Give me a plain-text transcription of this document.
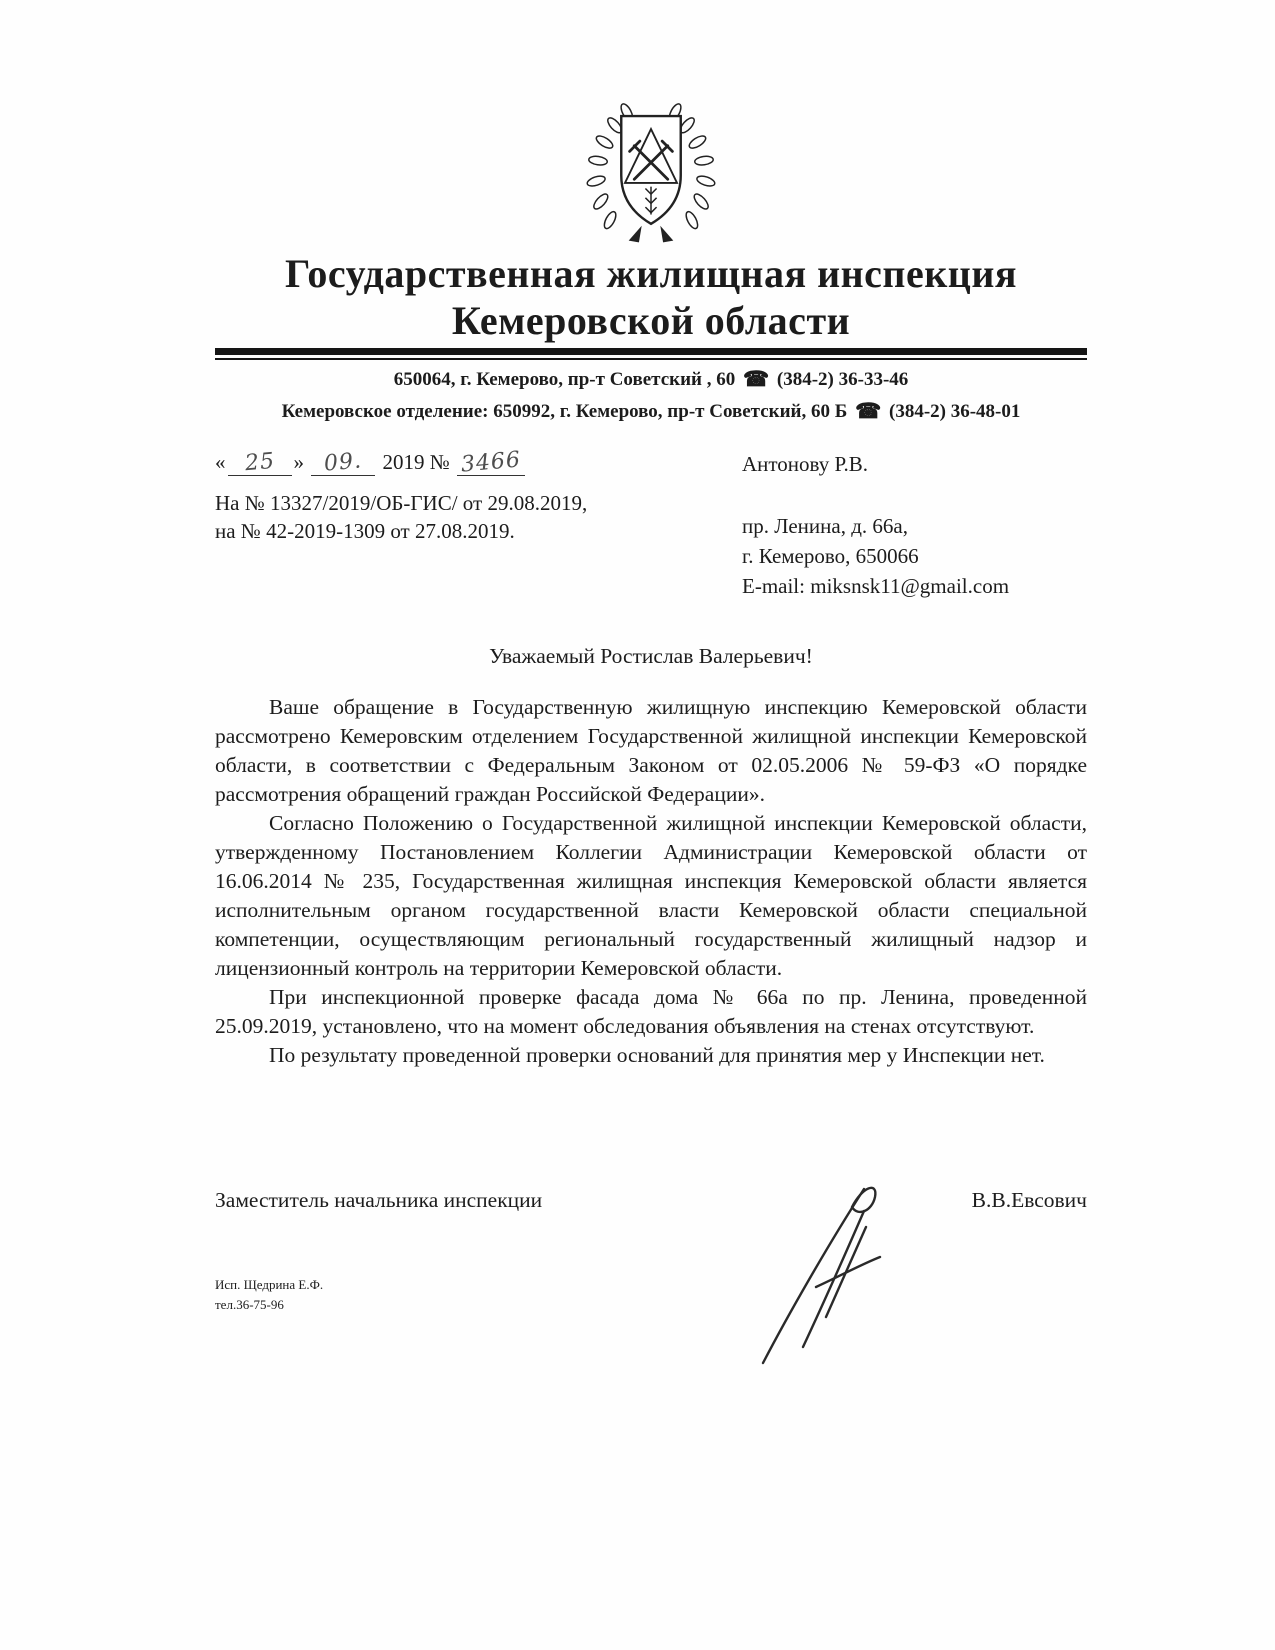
Государственная жилищная инспекция
Кемеровской области
650064, г. Кемерово, пр-т Советский , 60 ☎ (384-2) 36-33-46
Кемеровское отделение: 650992, г. Кемерово, пр-т Советский, 60 Б ☎ (384-2) 36-48-01
« 25 » 09. 2019 № 3466
На № 13327/2019/ОБ-ГИС/ от 29.08.2019,
на № 42-2019-1309 от 27.08.2019.
Антонову Р.В.
пр. Ленина, д. 66а,
г. Кемерово, 650066
E-mail: miksnsk11@gmail.com
Уважаемый Ростислав Валерьевич!

Ваше обращение в Государственную жилищную инспекцию Кемеровской области рассмотрено Кемеровским отделением Государственной жилищной инспекции Кемеровской области, в соответствии с Федеральным Законом от 02.05.2006 № 59-ФЗ «О порядке рассмотрения обращений граждан Российской Федерации».

Согласно Положению о Государственной жилищной инспекции Кемеровской области, утвержденному Постановлением Коллегии Администрации Кемеровской области от 16.06.2014 № 235, Государственная жилищная инспекция Кемеровской области является исполнительным органом государственной власти Кемеровской области специальной компетенции, осуществляющим региональный государственный жилищный надзор и лицензионный контроль на территории Кемеровской области.

При инспекционной проверке фасада дома № 66а по пр. Ленина, проведенной 25.09.2019, установлено, что на момент обследования объявления на стенах отсутствуют.

По результату проведенной проверки оснований для принятия мер у Инспекции нет.

Заместитель начальника инспекции	В.В.Евсович
Исп. Щедрина Е.Ф.
тел.36-75-96
